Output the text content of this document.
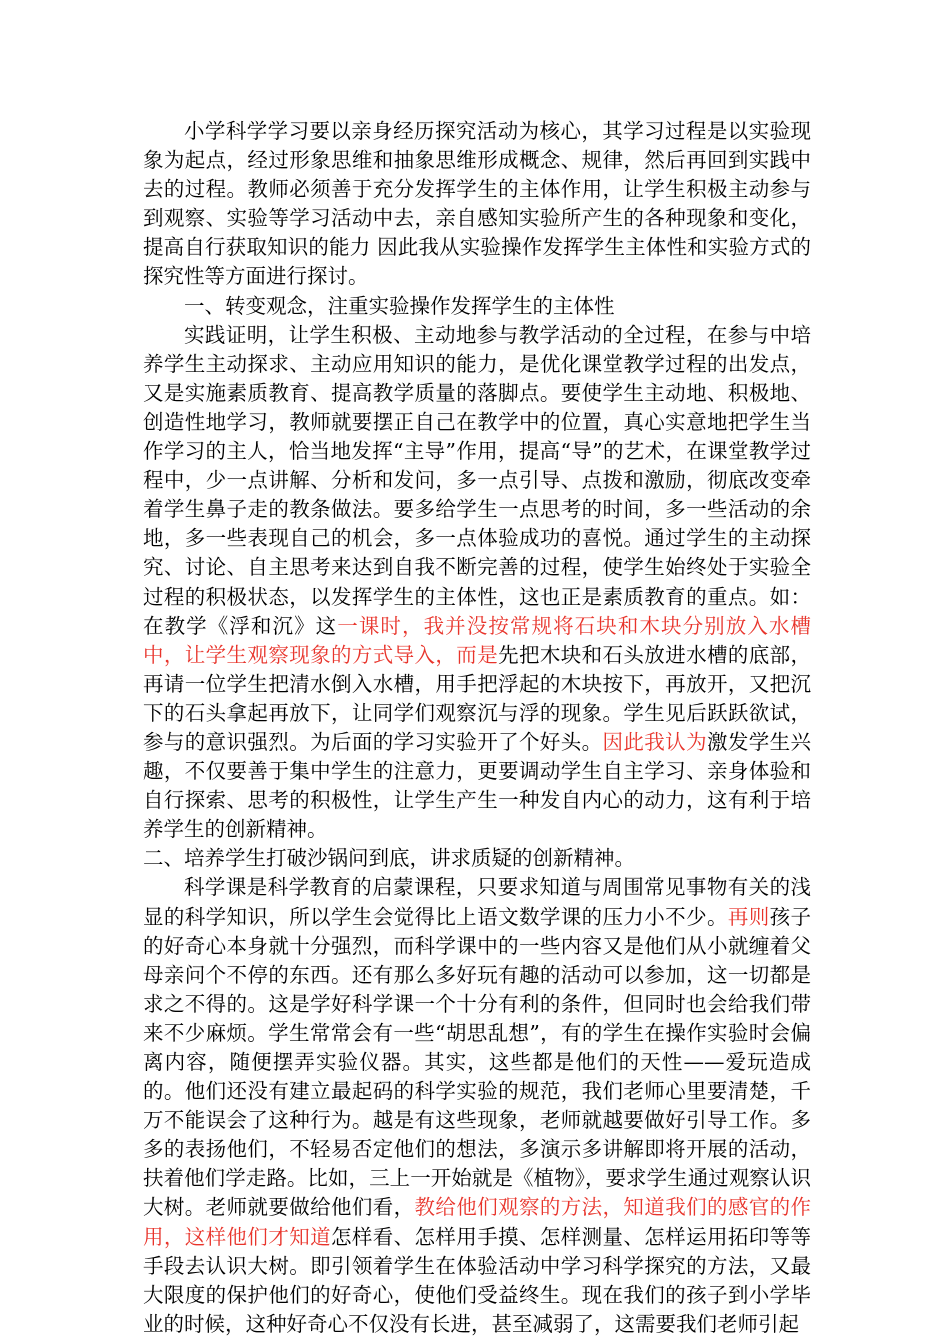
小学科学学习要以亲身经历探究活动为核心，其学习过程是以实验现象为起点，经过形象思维和抽象思维形成概念、规律，然后再回到实践中去的过程。教师必须善于充分发挥学生的主体作用，让学生积极主动参与到观察、实验等学习活动中去，亲自感知实验所产生的各种现象和变化，提高自行获取知识的能力 因此我从实验操作发挥学生主体性和实验方式的探究性等方面进行探讨。

一、转变观念，注重实验操作发挥学生的主体性

实践证明，让学生积极、主动地参与教学活动的全过程，在参与中培养学生主动探求、主动应用知识的能力，是优化课堂教学过程的出发点，又是实施素质教育、提高教学质量的落脚点。要使学生主动地、积极地、创造性地学习，教师就要摆正自己在教学中的位置，真心实意地把学生当作学习的主人，恰当地发挥“主导”作用，提高“导”的艺术，在课堂教学过程中，少一点讲解、分析和发问，多一点引导、点拨和激励，彻底改变牵着学生鼻子走的教条做法。要多给学生一点思考的时间，多一些活动的余地，多一些表现自己的机会，多一点体验成功的喜悦。通过学生的主动探究、讨论、自主思考来达到自我不断完善的过程，使学生始终处于实验全过程的积极状态，以发挥学生的主体性，这也正是素质教育的重点。如：在教学《浮和沉》这一课时，我并没按常规将石块和木块分别放入水槽中，让学生观察现象的方式导入，而是先把木块和石头放进水槽的底部，再请一位学生把清水倒入水槽，用手把浮起的木块按下，再放开，又把沉下的石头拿起再放下，让同学们观察沉与浮的现象。学生见后跃跃欲试，参与的意识强烈。为后面的学习实验开了个好头。因此我认为激发学生兴趣，不仅要善于集中学生的注意力，更要调动学生自主学习、亲身体验和自行探索、思考的积极性，让学生产生一种发自内心的动力，这有利于培养学生的创新精神。

二、培养学生打破沙锅问到底，讲求质疑的创新精神。

科学课是科学教育的启蒙课程，只要求知道与周围常见事物有关的浅显的科学知识，所以学生会觉得比上语文数学课的压力小不少。再则孩子的好奇心本身就十分强烈，而科学课中的一些内容又是他们从小就缠着父母亲问个不停的东西。还有那么多好玩有趣的活动可以参加，这一切都是求之不得的。这是学好科学课一个十分有利的条件，但同时也会给我们带来不少麻烦。学生常常会有一些“胡思乱想”，有的学生在操作实验时会偏离内容，随便摆弄实验仪器。其实，这些都是他们的天性——爱玩造成的。他们还没有建立最起码的科学实验的规范，我们老师心里要清楚，千万不能误会了这种行为。越是有这些现象，老师就越要做好引导工作。多多的表扬他们，不轻易否定他们的想法，多演示多讲解即将开展的活动，扶着他们学走路。比如，三上一开始就是《植物》，要求学生通过观察认识大树。老师就要做给他们看，教给他们观察的方法，知道我们的感官的作用，这样他们才知道怎样看、怎样用手摸、怎样测量、怎样运用拓印等等手段去认识大树。即引领着学生在体验活动中学习科学探究的方法，又最大限度的保护他们的好奇心，使他们受益终生。现在我们的孩子到小学毕业的时候，这种好奇心不仅没有长进，甚至减弱了，这需要我们老师引起
